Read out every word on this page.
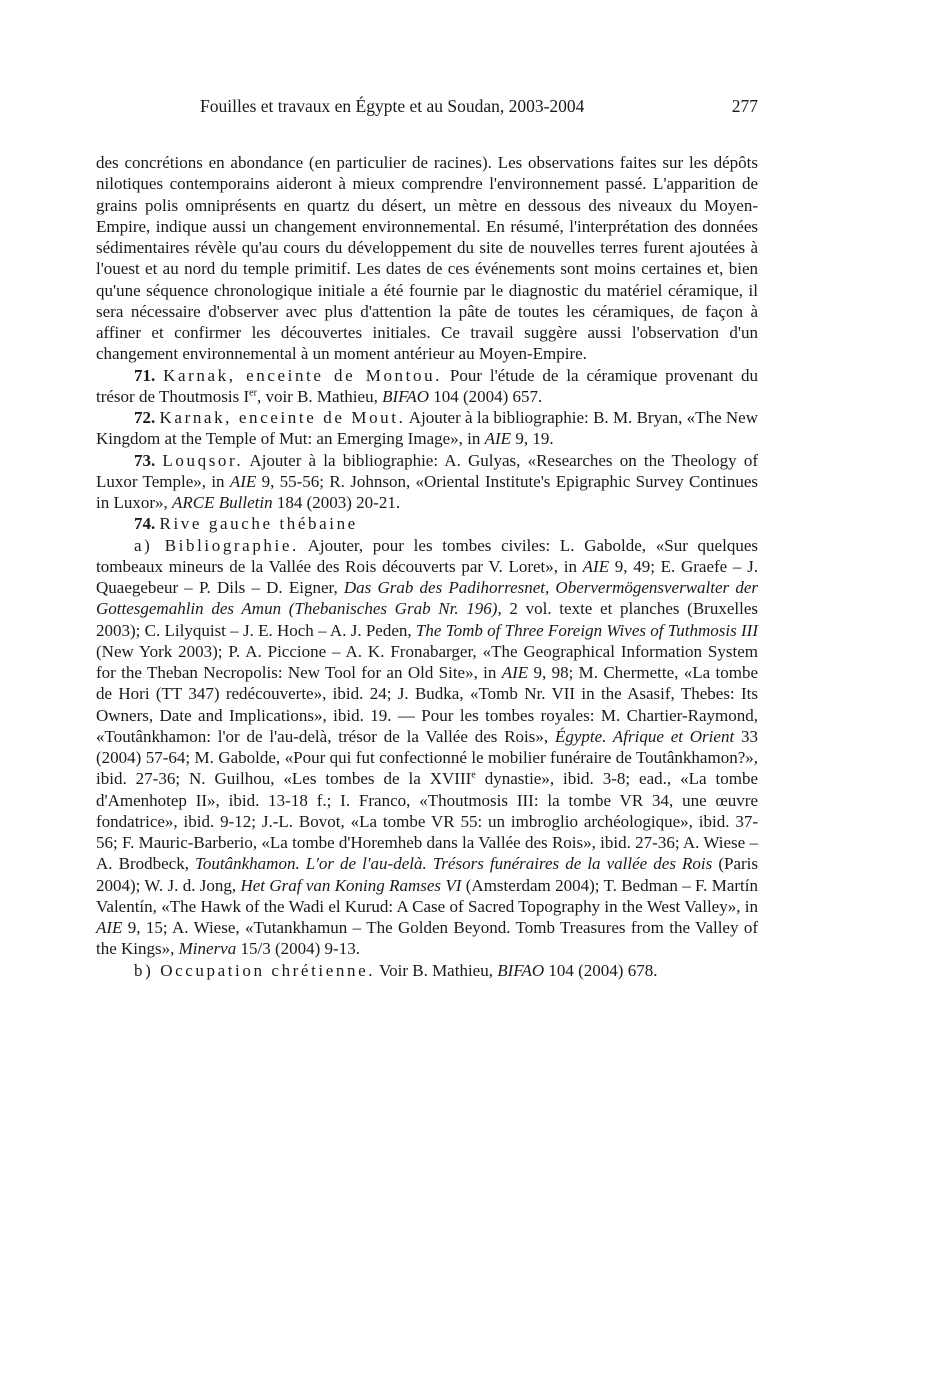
Fouilles et travaux en Égypte et au Soudan, 2003-2004	277

des concrétions en abondance (en particulier de racines). Les observations faites sur les dépôts nilotiques contemporains aideront à mieux comprendre l'environnement passé. L'apparition de grains polis omniprésents en quartz du désert, un mètre en dessous des niveaux du Moyen-Empire, indique aussi un changement environnemental. En résumé, l'interprétation des données sédimentaires révèle qu'au cours du développement du site de nouvelles terres furent ajoutées à l'ouest et au nord du temple primitif. Les dates de ces événements sont moins certaines et, bien qu'une séquence chronologique initiale a été fournie par le diagnostic du matériel céramique, il sera nécessaire d'observer avec plus d'attention la pâte de toutes les céramiques, de façon à affiner et confirmer les découvertes initiales. Ce travail suggère aussi l'observation d'un changement environnemental à un moment antérieur au Moyen-Empire.

71. Karnak, enceinte de Montou. Pour l'étude de la céramique provenant du trésor de Thoutmosis Ier, voir B. Mathieu, BIFAO 104 (2004) 657.

72. Karnak, enceinte de Mout. Ajouter à la bibliographie: B. M. Bryan, «The New Kingdom at the Temple of Mut: an Emerging Image», in AIE 9, 19.

73. Louqsor. Ajouter à la bibliographie: A. Gulyas, «Researches on the Theology of Luxor Temple», in AIE 9, 55-56; R. Johnson, «Oriental Institute's Epigraphic Survey Continues in Luxor», ARCE Bulletin 184 (2003) 20-21.

74. Rive gauche thébaine

a) Bibliographie. Ajouter, pour les tombes civiles: L. Gabolde, «Sur quelques tombeaux mineurs de la Vallée des Rois découverts par V. Loret», in AIE 9, 49; E. Graefe – J. Quaegebeur – P. Dils – D. Eigner, Das Grab des Padihorresnet, Obervermögensverwalter der Gottesgemahlin des Amun (Thebanisches Grab Nr. 196), 2 vol. texte et planches (Bruxelles 2003); C. Lilyquist – J. E. Hoch – A. J. Peden, The Tomb of Three Foreign Wives of Tuthmosis III (New York 2003); P. A. Piccione – A. K. Fronabarger, «The Geographical Information System for the Theban Necropolis: New Tool for an Old Site», in AIE 9, 98; M. Chermette, «La tombe de Hori (TT 347) redécouverte», ibid. 24; J. Budka, «Tomb Nr. VII in the Asasif, Thebes: Its Owners, Date and Implications», ibid. 19. — Pour les tombes royales: M. Chartier-Raymond, «Toutânkhamon: l'or de l'au-delà, trésor de la Vallée des Rois», Égypte. Afrique et Orient 33 (2004) 57-64; M. Gabolde, «Pour qui fut confectionné le mobilier funéraire de Toutânkhamon?», ibid. 27-36; N. Guilhou, «Les tombes de la XVIIIe dynastie», ibid. 3-8; ead., «La tombe d'Amenhotep II», ibid. 13-18 f.; I. Franco, «Thoutmosis III: la tombe VR 34, une œuvre fondatrice», ibid. 9-12; J.-L. Bovot, «La tombe VR 55: un imbroglio archéologique», ibid. 37-56; F. Mauric-Barberio, «La tombe d'Horemheb dans la Vallée des Rois», ibid. 27-36; A. Wiese – A. Brodbeck, Toutânkhamon. L'or de l'au-delà. Trésors funéraires de la vallée des Rois (Paris 2004); W. J. d. Jong, Het Graf van Koning Ramses VI (Amsterdam 2004); T. Bedman – F. Martín Valentín, «The Hawk of the Wadi el Kurud: A Case of Sacred Topography in the West Valley», in AIE 9, 15; A. Wiese, «Tutankhamun – The Golden Beyond. Tomb Treasures from the Valley of the Kings», Minerva 15/3 (2004) 9-13.

b) Occupation chrétienne. Voir B. Mathieu, BIFAO 104 (2004) 678.
